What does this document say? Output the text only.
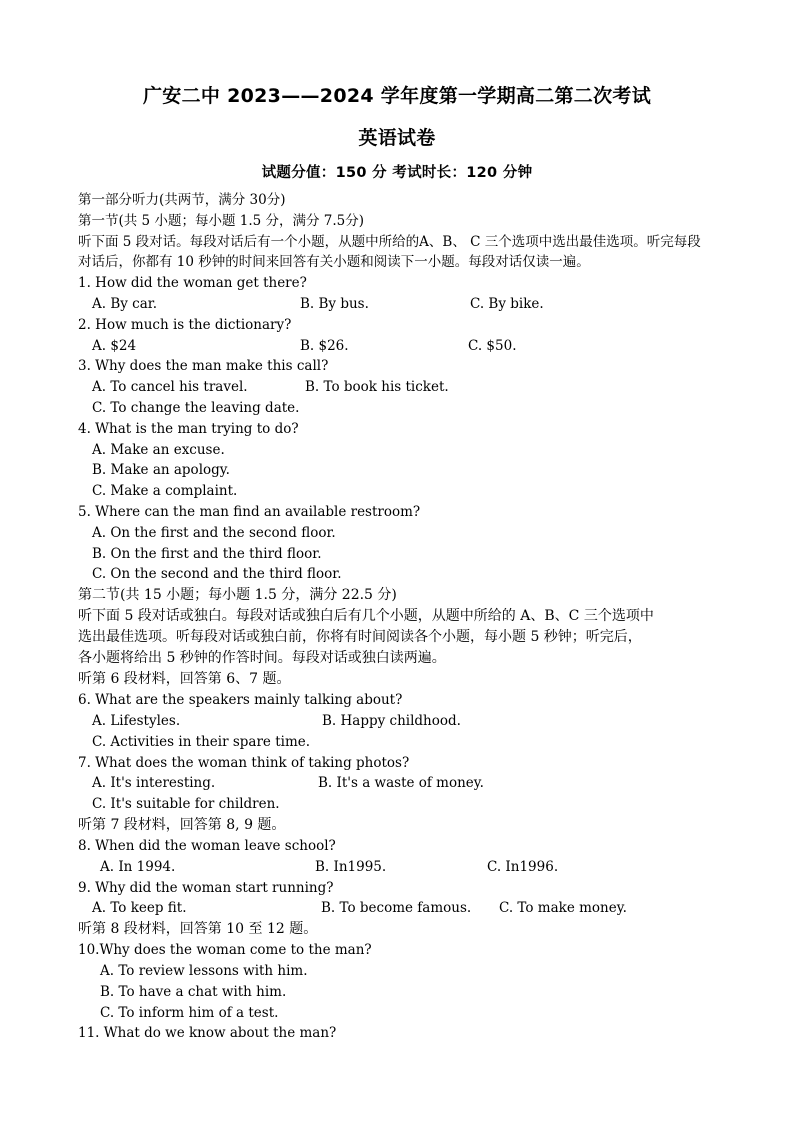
广安二中 2023——2024 学年度第一学期高二第二次考试
英语试卷
试题分值：150 分 考试时长：120 分钟
第一部分听力(共两节，满分 30分)
第一节(共 5 小题；每小题 1.5 分，满分 7.5分)
听下面 5 段对话。每段对话后有一个小题，从题中所给的A、B、 C 三个选项中选出最佳选项。听完每段
对话后，你都有 10 秒钟的时间来回答有关小题和阅读下一小题。每段对话仅读一遍。
1. How did the woman get there?
A. By car.	B. By bus.	C. By bike.
2. How much is the dictionary?
A. $24	B. $26.	C. $50.
3. Why does the man make this call?
A. To cancel his travel.	B. To book his ticket.
C. To change the leaving date.
4. What is the man trying to do?
A. Make an excuse.
B. Make an apology.
C. Make a complaint.
5. Where can the man find an available restroom?
A. On the first and the second floor.
B. On the first and the third floor.
C. On the second and the third floor.
第二节(共 15 小题；每小题 1.5 分，满分 22.5 分)
听下面 5 段对话或独白。每段对话或独白后有几个小题，从题中所给的 A、B、C 三个选项中
选出最佳选项。听每段对话或独白前，你将有时间阅读各个小题，每小题 5 秒钟；听完后，
各小题将给出 5 秒钟的作答时间。每段对话或独白读两遍。
听第 6 段材料，回答第 6、7 题。
6. What are the speakers mainly talking about?
A. Lifestyles.	B. Happy childhood.
C. Activities in their spare time.
7. What does the woman think of taking photos?
A. It's interesting.	B. It's a waste of money.
C. It's suitable for children.
听第 7 段材料，回答第 8, 9 题。
8. When did the woman leave school?
A. In 1994.	B. In1995.	C. In1996.
9. Why did the woman start running?
A. To keep fit.	B. To become famous.	C. To make money.
听第 8 段材料，回答第 10 至 12 题。
10.Why does the woman come to the man?
A. To review lessons with him.
B. To have a chat with him.
C. To inform him of a test.
11. What do we know about the man?
